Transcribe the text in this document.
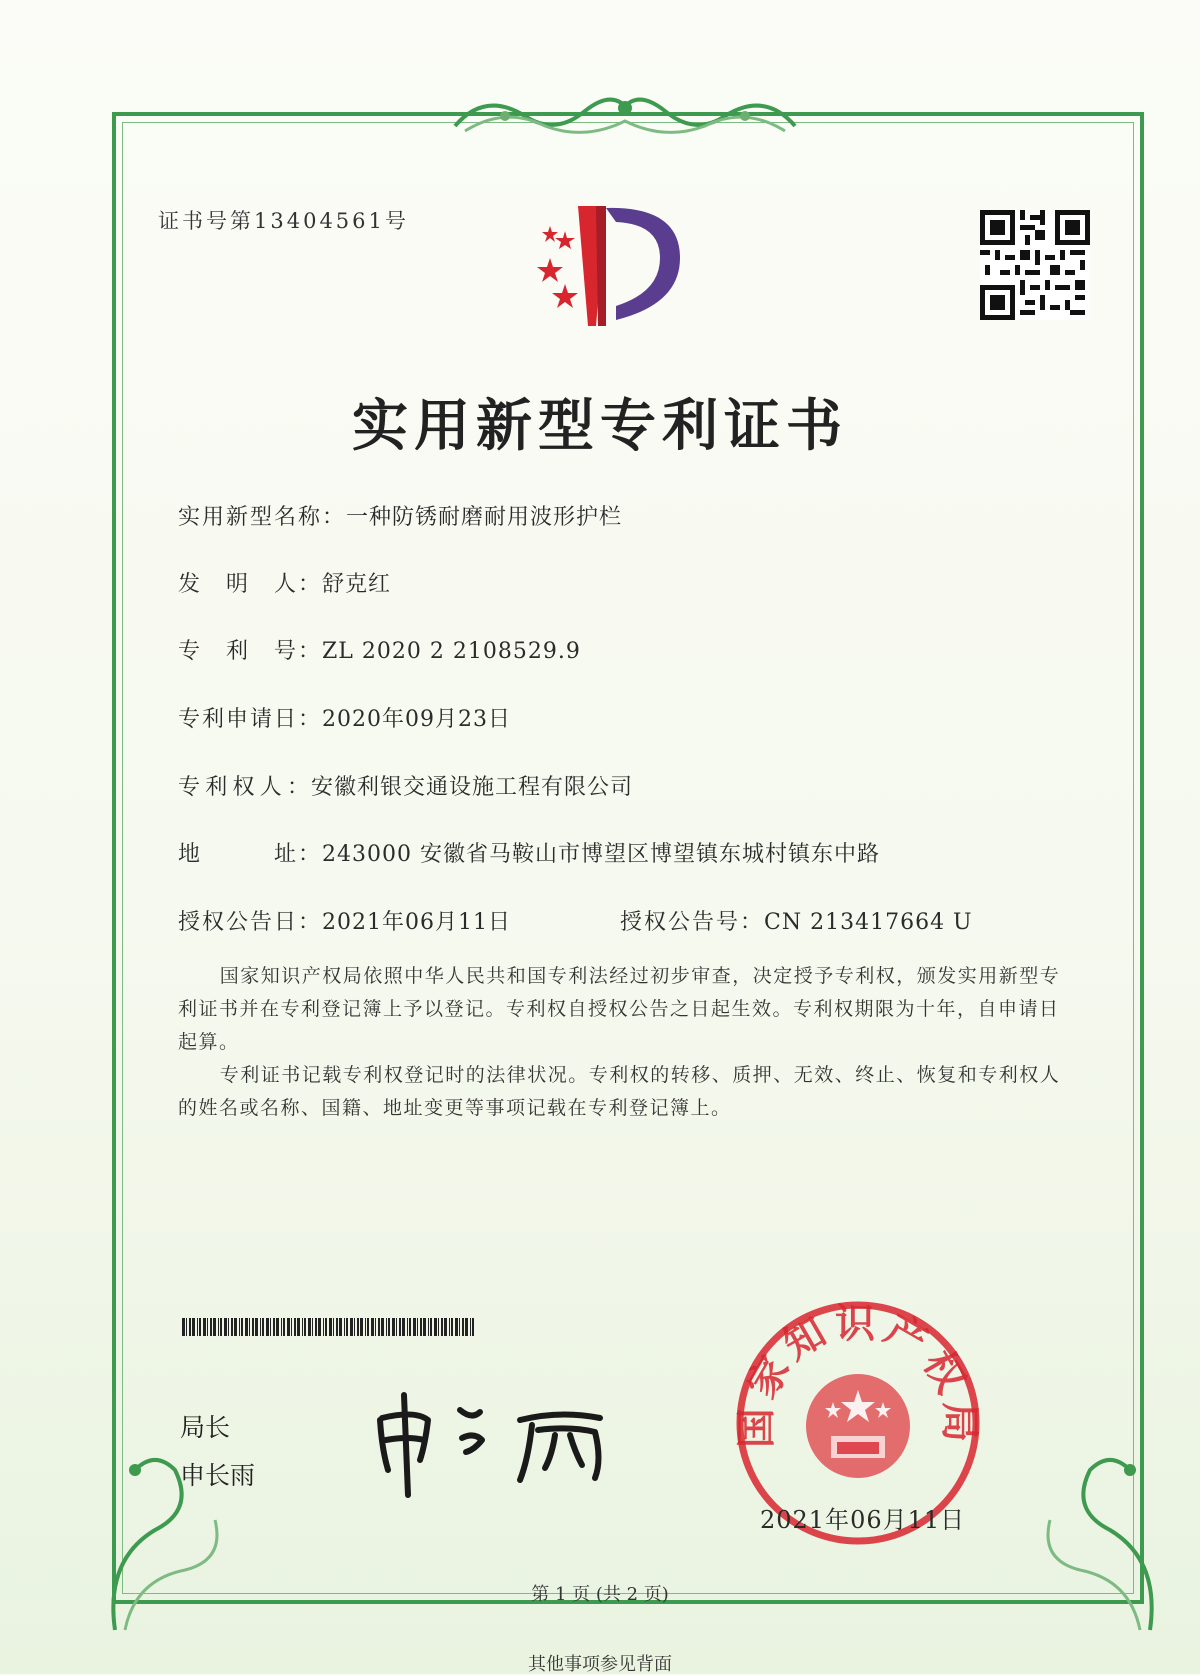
证书号第13404561号
实用新型专利证书
实用新型名称：一种防锈耐磨耐用波形护栏
发　明　人：舒克红
专　利　号：ZL 2020 2 2108529.9
专利申请日：2020年09月23日
专利权人：安徽利银交通设施工程有限公司
地　　　址：243000 安徽省马鞍山市博望区博望镇东城村镇东中路
授权公告日：2021年06月11日	授权公告号：CN 213417664 U

国家知识产权局依照中华人民共和国专利法经过初步审查，决定授予专利权，颁发实用新型专利证书并在专利登记簿上予以登记。专利权自授权公告之日起生效。专利权期限为十年，自申请日起算。

专利证书记载专利权登记时的法律状况。专利权的转移、质押、无效、终止、恢复和专利权人的姓名或名称、国籍、地址变更等事项记载在专利登记簿上。

局长
申长雨
国家知识产权局
2021年06月11日
第 1 页 (共 2 页)
其他事项参见背面
